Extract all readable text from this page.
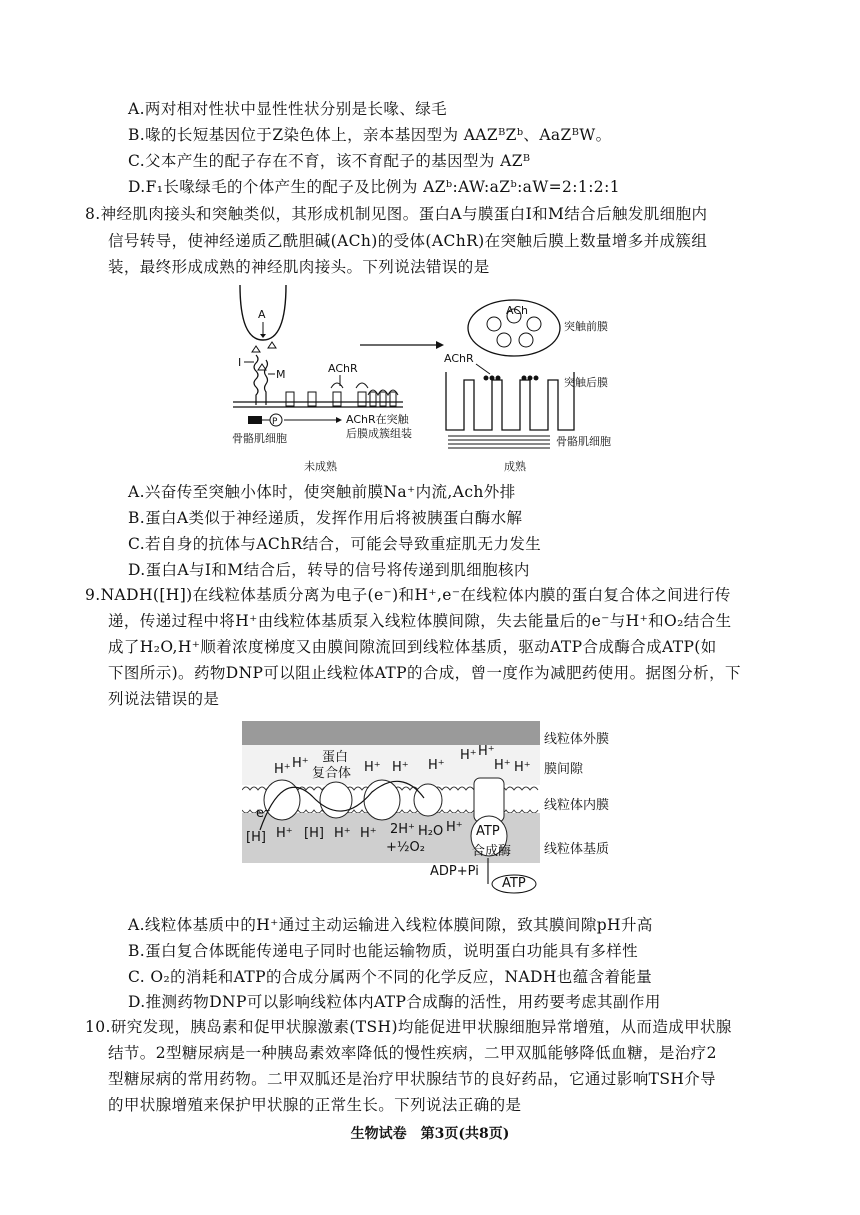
A.两对相对性状中显性性状分别是长喙、绿毛
B.喙的长短基因位于Z染色体上，亲本基因型为 AAZᴮZᵇ、AaZᴮW。
C.父本产生的配子存在不育，该不育配子的基因型为 AZᴮ
D.F₁长喙绿毛的个体产生的配子及比例为 AZᵇ:AW:aZᵇ:aW=2:1:2:1
8.神经肌肉接头和突触类似，其形成机制见图。蛋白A与膜蛋白I和M结合后触发肌细胞内
信号转导，使神经递质乙酰胆碱(ACh)的受体(AChR)在突触后膜上数量增多并成簇组
装，最终形成成熟的神经肌肉接头。下列说法错误的是
A
I
M	AChR
P	AChR在突触
后膜成簇组装
骨骼肌细胞
未成熟
ACh
突触前膜
AChR
突触后膜
骨骼肌细胞
成熟
A.兴奋传至突触小体时，使突触前膜Na⁺内流,Ach外排
B.蛋白A类似于神经递质，发挥作用后将被胰蛋白酶水解
C.若自身的抗体与AChR结合，可能会导致重症肌无力发生
D.蛋白A与I和M结合后，转导的信号将传递到肌细胞核内
9.NADH([H])在线粒体基质分离为电子(e⁻)和H⁺,e⁻在线粒体内膜的蛋白复合体之间进行传
递，传递过程中将H⁺由线粒体基质泵入线粒体膜间隙，失去能量后的e⁻与H⁺和O₂结合生
成了H₂O,H⁺顺着浓度梯度又由膜间隙流回到线粒体基质，驱动ATP合成酶合成ATP(如
下图所示)。药物DNP可以阻止线粒体ATP的合成，曾一度作为减肥药使用。据图分析，下
列说法错误的是
蛋白
复合体
H⁺ H⁺	H⁺ H⁺ H⁺
H⁺ H⁺
H⁺ H⁺
e⁻
[H] H⁺ [H] H⁺ H⁺ 2H⁺
+½O₂
H₂O H⁺ ATP
合成酶
ADP+Pi
ATP
线粒体外膜
膜间隙
线粒体内膜
线粒体基质
A.线粒体基质中的H⁺通过主动运输进入线粒体膜间隙，致其膜间隙pH升高
B.蛋白复合体既能传递电子同时也能运输物质，说明蛋白功能具有多样性
C. O₂的消耗和ATP的合成分属两个不同的化学反应，NADH也蕴含着能量
D.推测药物DNP可以影响线粒体内ATP合成酶的活性，用药要考虑其副作用
10.研究发现，胰岛素和促甲状腺激素(TSH)均能促进甲状腺细胞异常增殖，从而造成甲状腺
结节。2型糖尿病是一种胰岛素效率降低的慢性疾病，二甲双胍能够降低血糖，是治疗2
型糖尿病的常用药物。二甲双胍还是治疗甲状腺结节的良好药品，它通过影响TSH介导
的甲状腺增殖来保护甲状腺的正常生长。下列说法正确的是
生物试卷　第3页(共8页)
